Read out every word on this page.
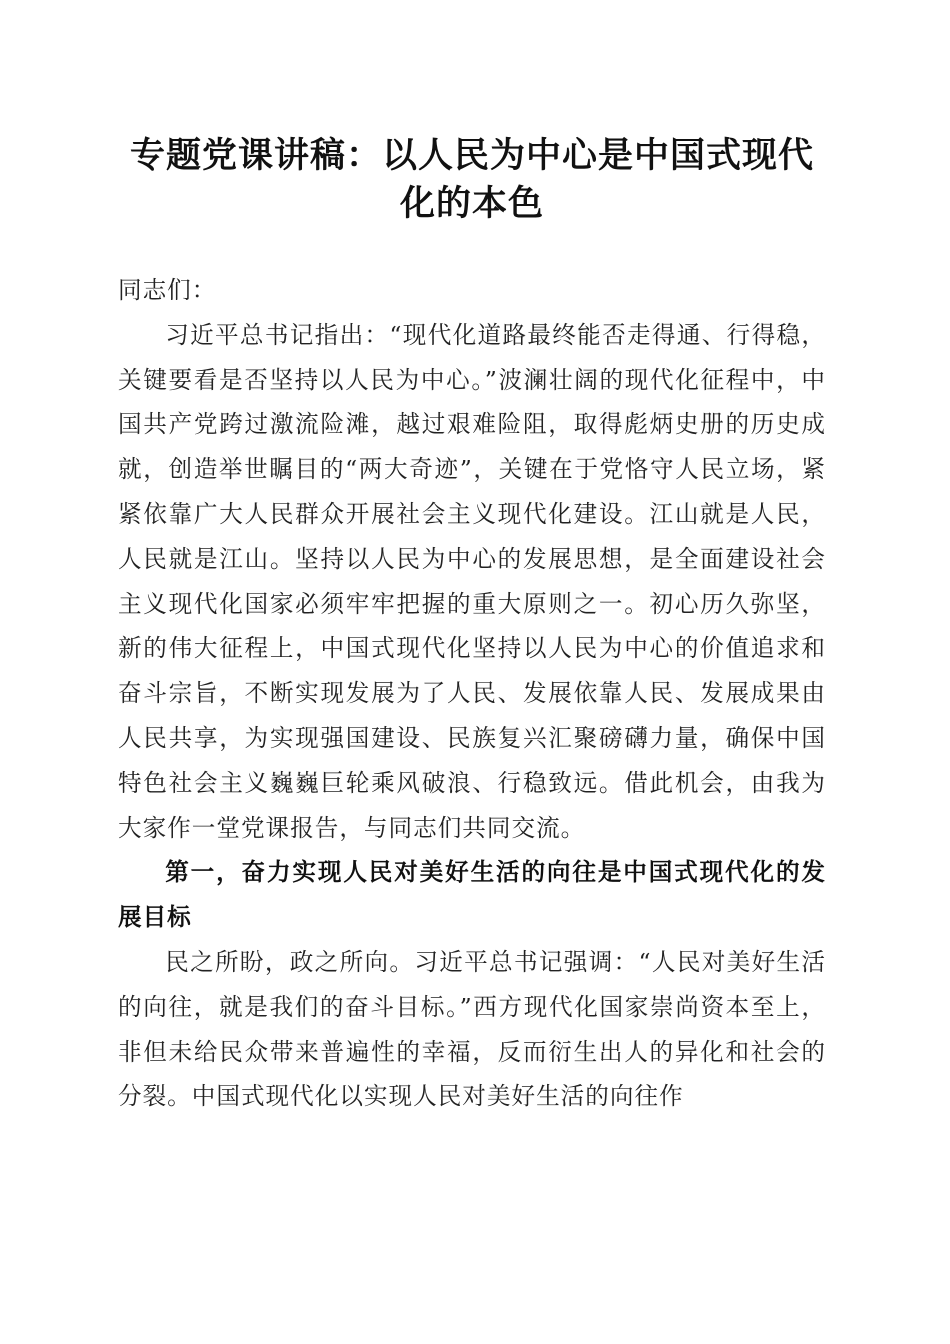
专题党课讲稿：以人民为中心是中国式现代化的本色

同志们：

习近平总书记指出：“现代化道路最终能否走得通、行得稳，关键要看是否坚持以人民为中心。”波澜壮阔的现代化征程中，中国共产党跨过激流险滩，越过艰难险阻，取得彪炳史册的历史成就，创造举世瞩目的“两大奇迹”，关键在于党恪守人民立场，紧紧依靠广大人民群众开展社会主义现代化建设。江山就是人民，人民就是江山。坚持以人民为中心的发展思想，是全面建设社会主义现代化国家必须牢牢把握的重大原则之一。初心历久弥坚，新的伟大征程上，中国式现代化坚持以人民为中心的价值追求和奋斗宗旨，不断实现发展为了人民、发展依靠人民、发展成果由人民共享，为实现强国建设、民族复兴汇聚磅礴力量，确保中国特色社会主义巍巍巨轮乘风破浪、行稳致远。借此机会，由我为大家作一堂党课报告，与同志们共同交流。

第一，奋力实现人民对美好生活的向往是中国式现代化的发展目标

民之所盼，政之所向。习近平总书记强调：“人民对美好生活的向往，就是我们的奋斗目标。”西方现代化国家崇尚资本至上，非但未给民众带来普遍性的幸福，反而衍生出人的异化和社会的分裂。中国式现代化以实现人民对美好生活的向往作
